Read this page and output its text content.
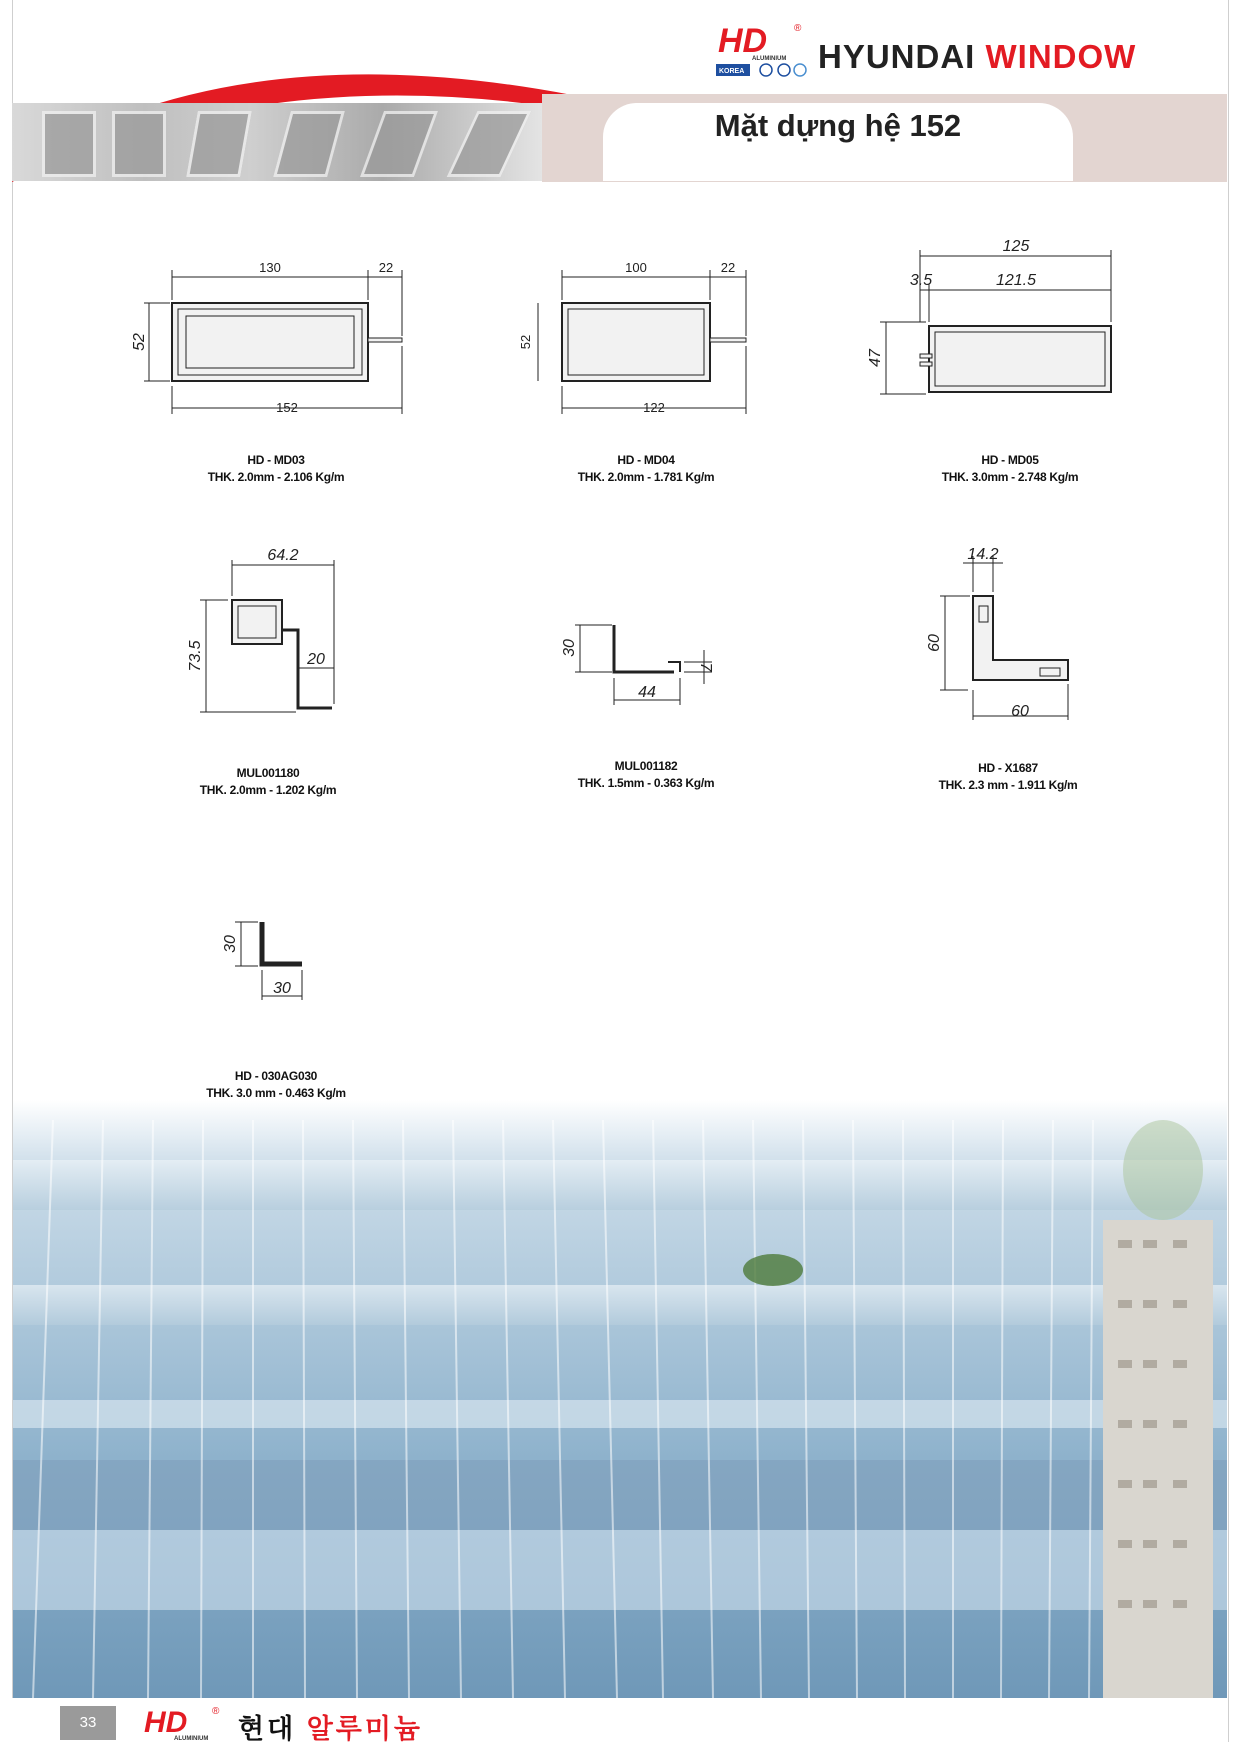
Mặt dựng hệ 152
HD	®
ALUMINIUM
KOREA HYUNDAI WINDOW
130	22
52
152
100	22
52
122
125
3.5	121.5
47
64.2
73.5	20
30
44
7
14.2
60
60
30
30
HD - MD03
THK. 2.0mm - 2.106 Kg/m
HD - MD04
THK. 2.0mm - 1.781 Kg/m
HD - MD05
THK. 3.0mm - 2.748 Kg/m
MUL001180
THK. 2.0mm - 1.202 Kg/m
MUL001182
THK. 1.5mm - 0.363 Kg/m
HD - X1687
THK. 2.3 mm - 1.911 Kg/m
HD - 030AG030
THK. 3.0 mm - 0.463 Kg/m
33	HD ®
ALUMINIUM 현대 알루미늄
